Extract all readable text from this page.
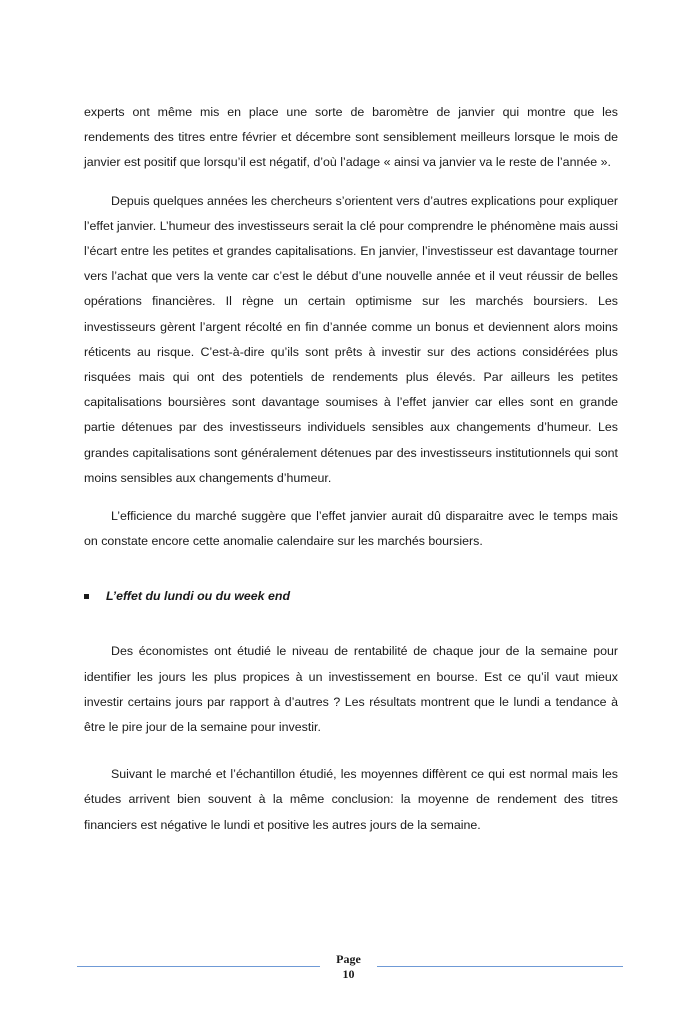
experts ont même mis en place une sorte de baromètre de janvier qui montre que les rendements des titres entre février et décembre sont sensiblement meilleurs lorsque le mois de janvier est positif que lorsqu’il est négatif, d’où l’adage « ainsi va janvier va le reste de l’année ».

Depuis quelques années les chercheurs s’orientent vers d’autres explications pour expliquer l’effet janvier. L’humeur des investisseurs serait la clé pour comprendre le phénomène mais aussi l’écart entre les petites et grandes capitalisations. En janvier, l’investisseur est davantage tourner vers l’achat que vers la vente car c’est le début d’une nouvelle année et il veut réussir de belles opérations financières. Il règne un certain optimisme sur les marchés boursiers. Les investisseurs gèrent l’argent récolté en fin d’année comme un bonus et deviennent alors moins réticents au risque. C’est-à-dire qu’ils sont prêts à investir sur des actions considérées plus risquées mais qui ont des potentiels de rendements plus élevés. Par ailleurs les petites capitalisations boursières sont davantage soumises à l’effet janvier car elles sont en grande partie détenues par des investisseurs individuels sensibles aux changements d’humeur. Les grandes capitalisations sont généralement détenues par des investisseurs institutionnels qui sont moins sensibles aux changements d’humeur.

L’efficience du marché suggère que l’effet janvier aurait dû disparaitre avec le temps mais on constate encore cette anomalie calendaire sur les marchés boursiers.

L’effet du lundi ou du week end

Des économistes ont étudié le niveau de rentabilité de chaque jour de la semaine pour identifier les jours les plus propices à un investissement en bourse. Est ce qu’il vaut mieux investir certains jours par rapport à d’autres ? Les résultats montrent que le lundi a tendance à être le pire jour de la semaine pour investir.

Suivant le marché et l’échantillon étudié, les moyennes diffèrent ce qui est normal mais les études arrivent bien souvent à la même conclusion: la moyenne de rendement des titres financiers est négative le lundi et positive les autres jours de la semaine.

Page
10
